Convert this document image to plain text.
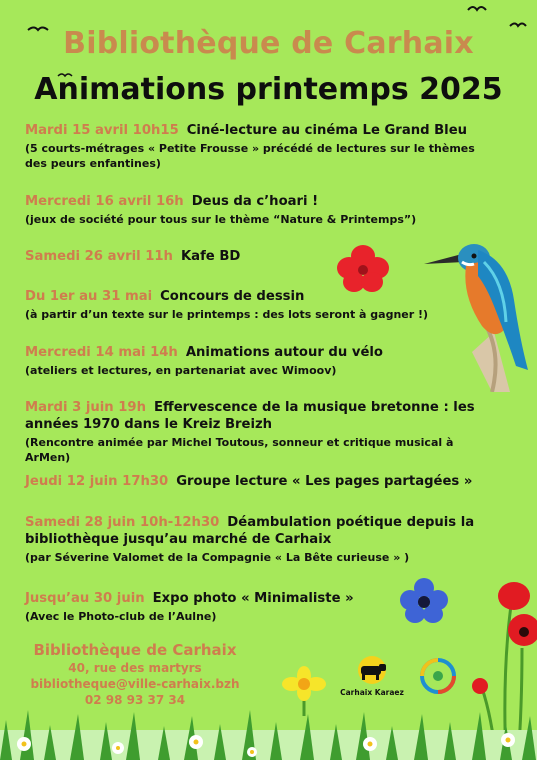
Bibliothèque de Carhaix
Animations printemps 2025
Mardi 15 avril 10h15 Ciné-lecture au cinéma Le Grand Bleu
(5 courts-métrages « Petite Frousse » précédé de lectures sur le thèmes des peurs enfantines)
Mercredi 16 avril 16h Deus da c’hoari !
(jeux de société pour tous sur le thème “Nature & Printemps”)
Samedi 26 avril 11h Kafe BD
Du 1er au 31 mai Concours de dessin
(à partir d’un texte sur le printemps : des lots seront à gagner !)
Mercredi 14 mai 14h Animations autour du vélo
(ateliers et lectures, en partenariat avec Wimoov)
Mardi 3 juin 19h Effervescence de la musique bretonne : les années 1970 dans le Kreiz Breizh
(Rencontre animée par Michel Toutous, sonneur et critique musical à ArMen)
Jeudi 12 juin 17h30 Groupe lecture « Les pages partagées »
Samedi 28 juin 10h-12h30 Déambulation poétique depuis la bibliothèque jusqu’au marché de Carhaix
(par Séverine Valomet de la Compagnie « La Bête curieuse » )
Jusqu’au 30 juin Expo photo « Minimaliste »
(Avec le Photo-club de l’Aulne)
Bibliothèque de Carhaix
40, rue des martyrs
bibliotheque@ville-carhaix.bzh
02 98 93 37 34
Carhaix Karaez
